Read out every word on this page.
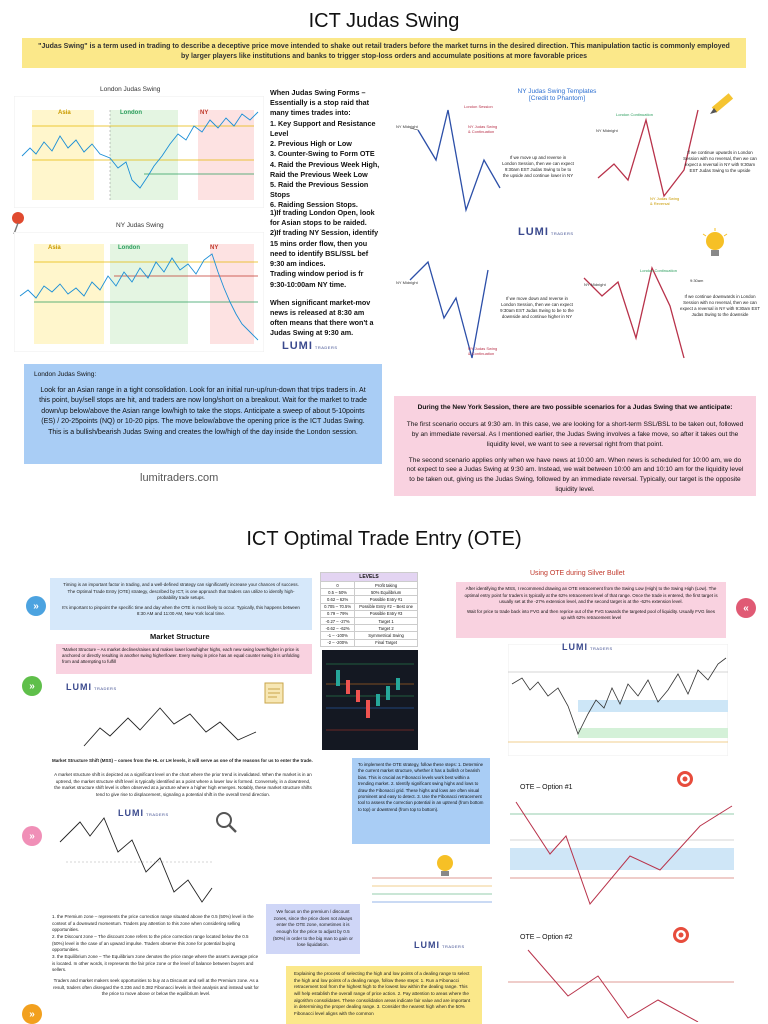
ICT Judas Swing
"Judas Swing" is a term used in trading to describe a deceptive price move intended to shake out retail traders before the market turns in the desired direction. This manipulation tactic is commonly employed by larger players like institutions and banks to trigger stop-loss orders and accumulate positions at more favorable prices
London Judas Swing
Asia	London	NY
NY Judas Swing
Asia	London	NY

When Judas Swing Forms – Essentially is a stop raid that many times trades into:

1. Key Support and Resistance Level

2. Previous High or Low

3. Counter-Swing to Form OTE

4. Raid the Previous Week High, Raid the Previous Week Low

5. Raid the Previous Session Stops

6. Raiding Session Stops.

1)If trading London Open, look for Asian stops to be raided.

2)If trading NY Session, identify 15 mins order flow, then you need to identify BSL/SSL bef 9:30 am indices.

Trading window period is fr 9:30-10:00am NY time.

When significant market-mov news is released at 8:30 am often means that there won't a Judas Swing at 9:30 am.

LUMI TRADERS
NY Judas Swing Templates
[Credit to Phantom]
NY Midnight
London Session
NY Judas Swing & Continuation
If we move up and reverse in London Session, then we can expect 9:30am EST Judas Swing to be to the upside and continue lower in NY
NY Midnight
London Continuation
NY Judas Swing & Reversal
If we continue upwards in London Session with no reversal, then we can expect a reversal in NY with 9:30am EST Judas Swing to the upside
LUMI TRADERS
NY Midnight
NY Judas Swing & Continuation
If we move down and reverse in London Session, then we can expect 9:30am EST Judas Swing to be to the downside and continue higher in NY
NY Midnight
London Continuation
9:30am
If we continue downwards in London Session with no reversal, then we can expect a reversal in NY with 9:30am EST Judas Swing to the downside
London Judas Swing:
Look for an Asian range in a tight consolidation. Look for an initial run-up/run-down that trips traders in. At this point, buy/sell stops are hit, and traders are now long/short on a breakout. Wait for the market to trade down/up below/above the Asian range low/high to take the stops. Anticipate a sweep of about 5-10points (ES) / 20-25points (NQ) or 10-20 pips. The move below/above the opening price is the ICT Judas Swing. This is a bullish/bearish Judas Swing and creates the low/high of the day inside the London session.
lumitraders.com
During the New York Session, there are two possible scenarios for a Judas Swing that we anticipate:
The first scenario occurs at 9:30 am. In this case, we are looking for a short-term SSL/BSL to be taken out, followed by an immediate reversal. As I mentioned earlier, the Judas Swing involves a fake move, so after it takes out the liquidity level, we want to see a reversal right from that point.
The second scenario applies only when we have news at 10:00 am. When news is scheduled for 10:00 am, we do not expect to see a Judas Swing at 9:30 am. Instead, we wait between 10:00 am and 10:10 am for the liquidity level to be taken out, giving us the Judas Swing, followed by an immediate reversal. Typically, our target is the opposite liquidity level.
ICT Optimal Trade Entry (OTE)
Timing is an important factor in trading, and a well-defined strategy can significantly increase your chances of success.
The Optimal Trade Entry (OTE) strategy, described by ICT, is one approach that traders can utilize to identify high-probability trade setups.
It's important to pinpoint the specific time and day when the OTE is most likely to occur. Typically, this happens between 8:30 AM and 11:00 AM, New York local time.
»
Market Structure
LEVELS	
0	Profit taking
0.5 – 50%	50% Equilibrium
0.62 – 62%	Possible Entry #1
0.705 – 70.5%	Possible Entry #2 – Best one
0.79 – 79%	Possible Entry #3
-0.27 – -27%	Target 1
-0.62 – -62%	Target 2
-1 – -100%	Symmetrical Swing
-2 – -200%	Final Target
Using OTE during Silver Bullet
After identifying the MSS, I recommend drawing an OTE retracement from the Swing Low (High) to the Swing High (Low). The optimal entry point for traders is typically at the 62% retracement level of that range. Once the trade is entered, the first target is usually set at the -27% extension level, and the second target is at the -62% extension level.
Wait for price to trade back into FVG and then reprice out of the FVG towards the targeted pool of liquidity. Usually FVG lines up with 62% retracement level
«
LUMI TRADERS
"Market Structure – As market declines/raises and makes lower lows/higher highs, each new swing lower/higher in price is anchored or directly resulting in another swing higher/lower. Every swing in price has an equal counter swing it is unfolding from and attempting to fulfill
»	LUMI TRADERS
Market Structure Shift (MSS) – comes from the HL or LH levels, it will serve as one of the reasons for us to enter the trade.
A market structure shift is depicted as a significant level on the chart where the prior trend is invalidated. When the market is in an uptrend, the market structure shift level is typically identified as a point where a lower low is formed. Conversely, in a downtrend, the market structure shift level is often observed at a juncture where a higher high emerges. Notably, these market structure shifts tend to give rise to displacement, signaling a potential shift in the overall trend direction.
To implement the OTE strategy, follow these steps: 1. Determine the current market structure, whether it has a bullish or bearish bias. This is crucial as Fibonacci levels work best within a trending market. 2. Identify significant swing highs and lows to draw the Fibonacci grid. These highs and lows are often visual prominent and easy to detect. 3. Use the Fibonacci retracement tool to assess the correction potential in an uptrend (from bottom to top) or downtrend (from top to bottom).
OTE – Option #1
»
LUMI TRADERS
We focus on the premium / discount zones, since the price does not always enter the OTE zone, sometimes it is enough for the price to adjust by 0.5 (50%) in order to the big man to gain or lose liquidation.	LUMI TRADERS
1. the Premium zone – represents the price correction range situated above the 0.5 (50%) level in the context of a downward momentum. Traders pay attention to this zone when considering selling opportunities.
2. the Discount zone – The discount zone refers to the price correction range located below the 0.5 (50%) level in the case of an upward impulse. Traders observe this zone for potential buying opportunities.
3. the Equilibrium zone – The Equilibrium zone denotes the price range where the asset's average price is located. In other words, it represents the fair price zone or the level of balance between buyers and sellers.
Traders and market makers seek opportunities to buy at a Discount and sell at the Premium zone. As a result, traders often disregard the 0.236 and 0.382 Fibonacci levels in their analysis and instead wait for the price to move above or below the equilibrium level.
OTE – Option #2
Explaining the process of selecting the high and low points of a dealing range to select the high and low points of a dealing range, follow these steps: 1. Run a Fibonacci retracement tool from the highest high to the lowest low within the dealing range. This will help establish the overall range of price action. 2. Pay attention to areas where the algorithm consolidates. These consolidation areas indicate fair value and are important in determining the proper dealing range. 3. Consider the nearest high when the 50% Fibonacci level aligns with the common
»
